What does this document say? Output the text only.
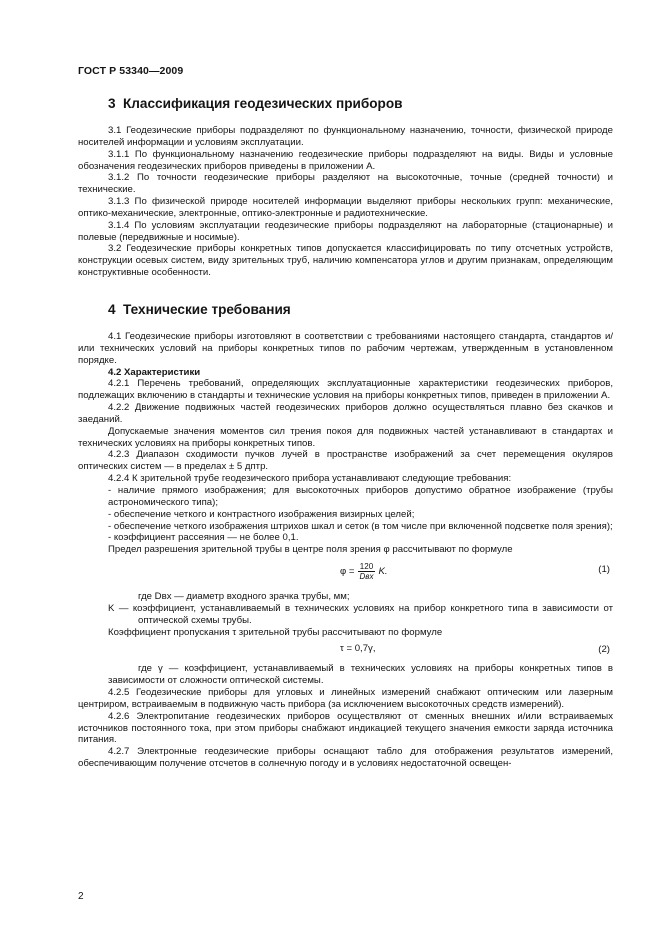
ГОСТ Р 53340—2009
3 Классификация геодезических приборов

3.1 Геодезические приборы подразделяют по функциональному назначению, точности, физической природе носителей информации и условиям эксплуатации.

3.1.1 По функциональному назначению геодезические приборы подразделяют на виды. Виды и условные обозначения геодезических приборов приведены в приложении А.

3.1.2 По точности геодезические приборы разделяют на высокоточные, точные (средней точности) и технические.

3.1.3 По физической природе носителей информации выделяют приборы нескольких групп: механические, оптико-механические, электронные, оптико-электронные и радиотехнические.

3.1.4 По условиям эксплуатации геодезические приборы подразделяют на лабораторные (стационарные) и полевые (передвижные и носимые).

3.2 Геодезические приборы конкретных типов допускается классифицировать по типу отсчетных устройств, конструкции осевых систем, виду зрительных труб, наличию компенсатора углов и другим признакам, определяющим конструктивные особенности.

4 Технические требования

4.1 Геодезические приборы изготовляют в соответствии с требованиями настоящего стандарта, стандартов и/или технических условий на приборы конкретных типов по рабочим чертежам, утвержденным в установленном порядке.

4.2 Характеристики

4.2.1 Перечень требований, определяющих эксплуатационные характеристики геодезических приборов, подлежащих включению в стандарты и технические условия на приборы конкретных типов, приведен в приложении А.

4.2.2 Движение подвижных частей геодезических приборов должно осуществляться плавно без скачков и заеданий.

Допускаемые значения моментов сил трения покоя для подвижных частей устанавливают в стандартах и технических условиях на приборы конкретных типов.

4.2.3 Диапазон сходимости пучков лучей в пространстве изображений за счет перемещения окуляров оптических систем — в пределах ± 5 дптр.

4.2.4 К зрительной трубе геодезического прибора устанавливают следующие требования:

- наличие прямого изображения; для высокоточных приборов допустимо обратное изображение (трубы астрономического типа);

- обеспечение четкого и контрастного изображения визирных целей;

- обеспечение четкого изображения штрихов шкал и сеток (в том числе при включенной подсветке поля зрения);

- коэффициент рассеяния — не более 0,1.

Предел разрешения зрительной трубы в центре поля зрения φ рассчитывают по формуле

$\varphi = \frac{120}{\text{Dвх}} K$.	(1)

где Dвх — диаметр входного зрачка трубы, мм;

K — коэффициент, устанавливаемый в технических условиях на прибор конкретного типа в зависимости от оптической схемы трубы.

Коэффициент пропускания τ зрительной трубы рассчитывают по формуле

τ = 0,7γ,	(2)

где γ — коэффициент, устанавливаемый в технических условиях на приборы конкретных типов в зависимости от сложности оптической системы.

4.2.5 Геодезические приборы для угловых и линейных измерений снабжают оптическим или лазерным центриром, встраиваемым в подвижную часть прибора (за исключением высокоточных средств измерений).

4.2.6 Электропитание геодезических приборов осуществляют от сменных внешних и/или встраиваемых источников постоянного тока, при этом приборы снабжают индикацией текущего значения емкости заряда источника питания.

4.2.7 Электронные геодезические приборы оснащают табло для отображения результатов измерений, обеспечивающим получение отсчетов в солнечную погоду и в условиях недостаточной освещен-

2
